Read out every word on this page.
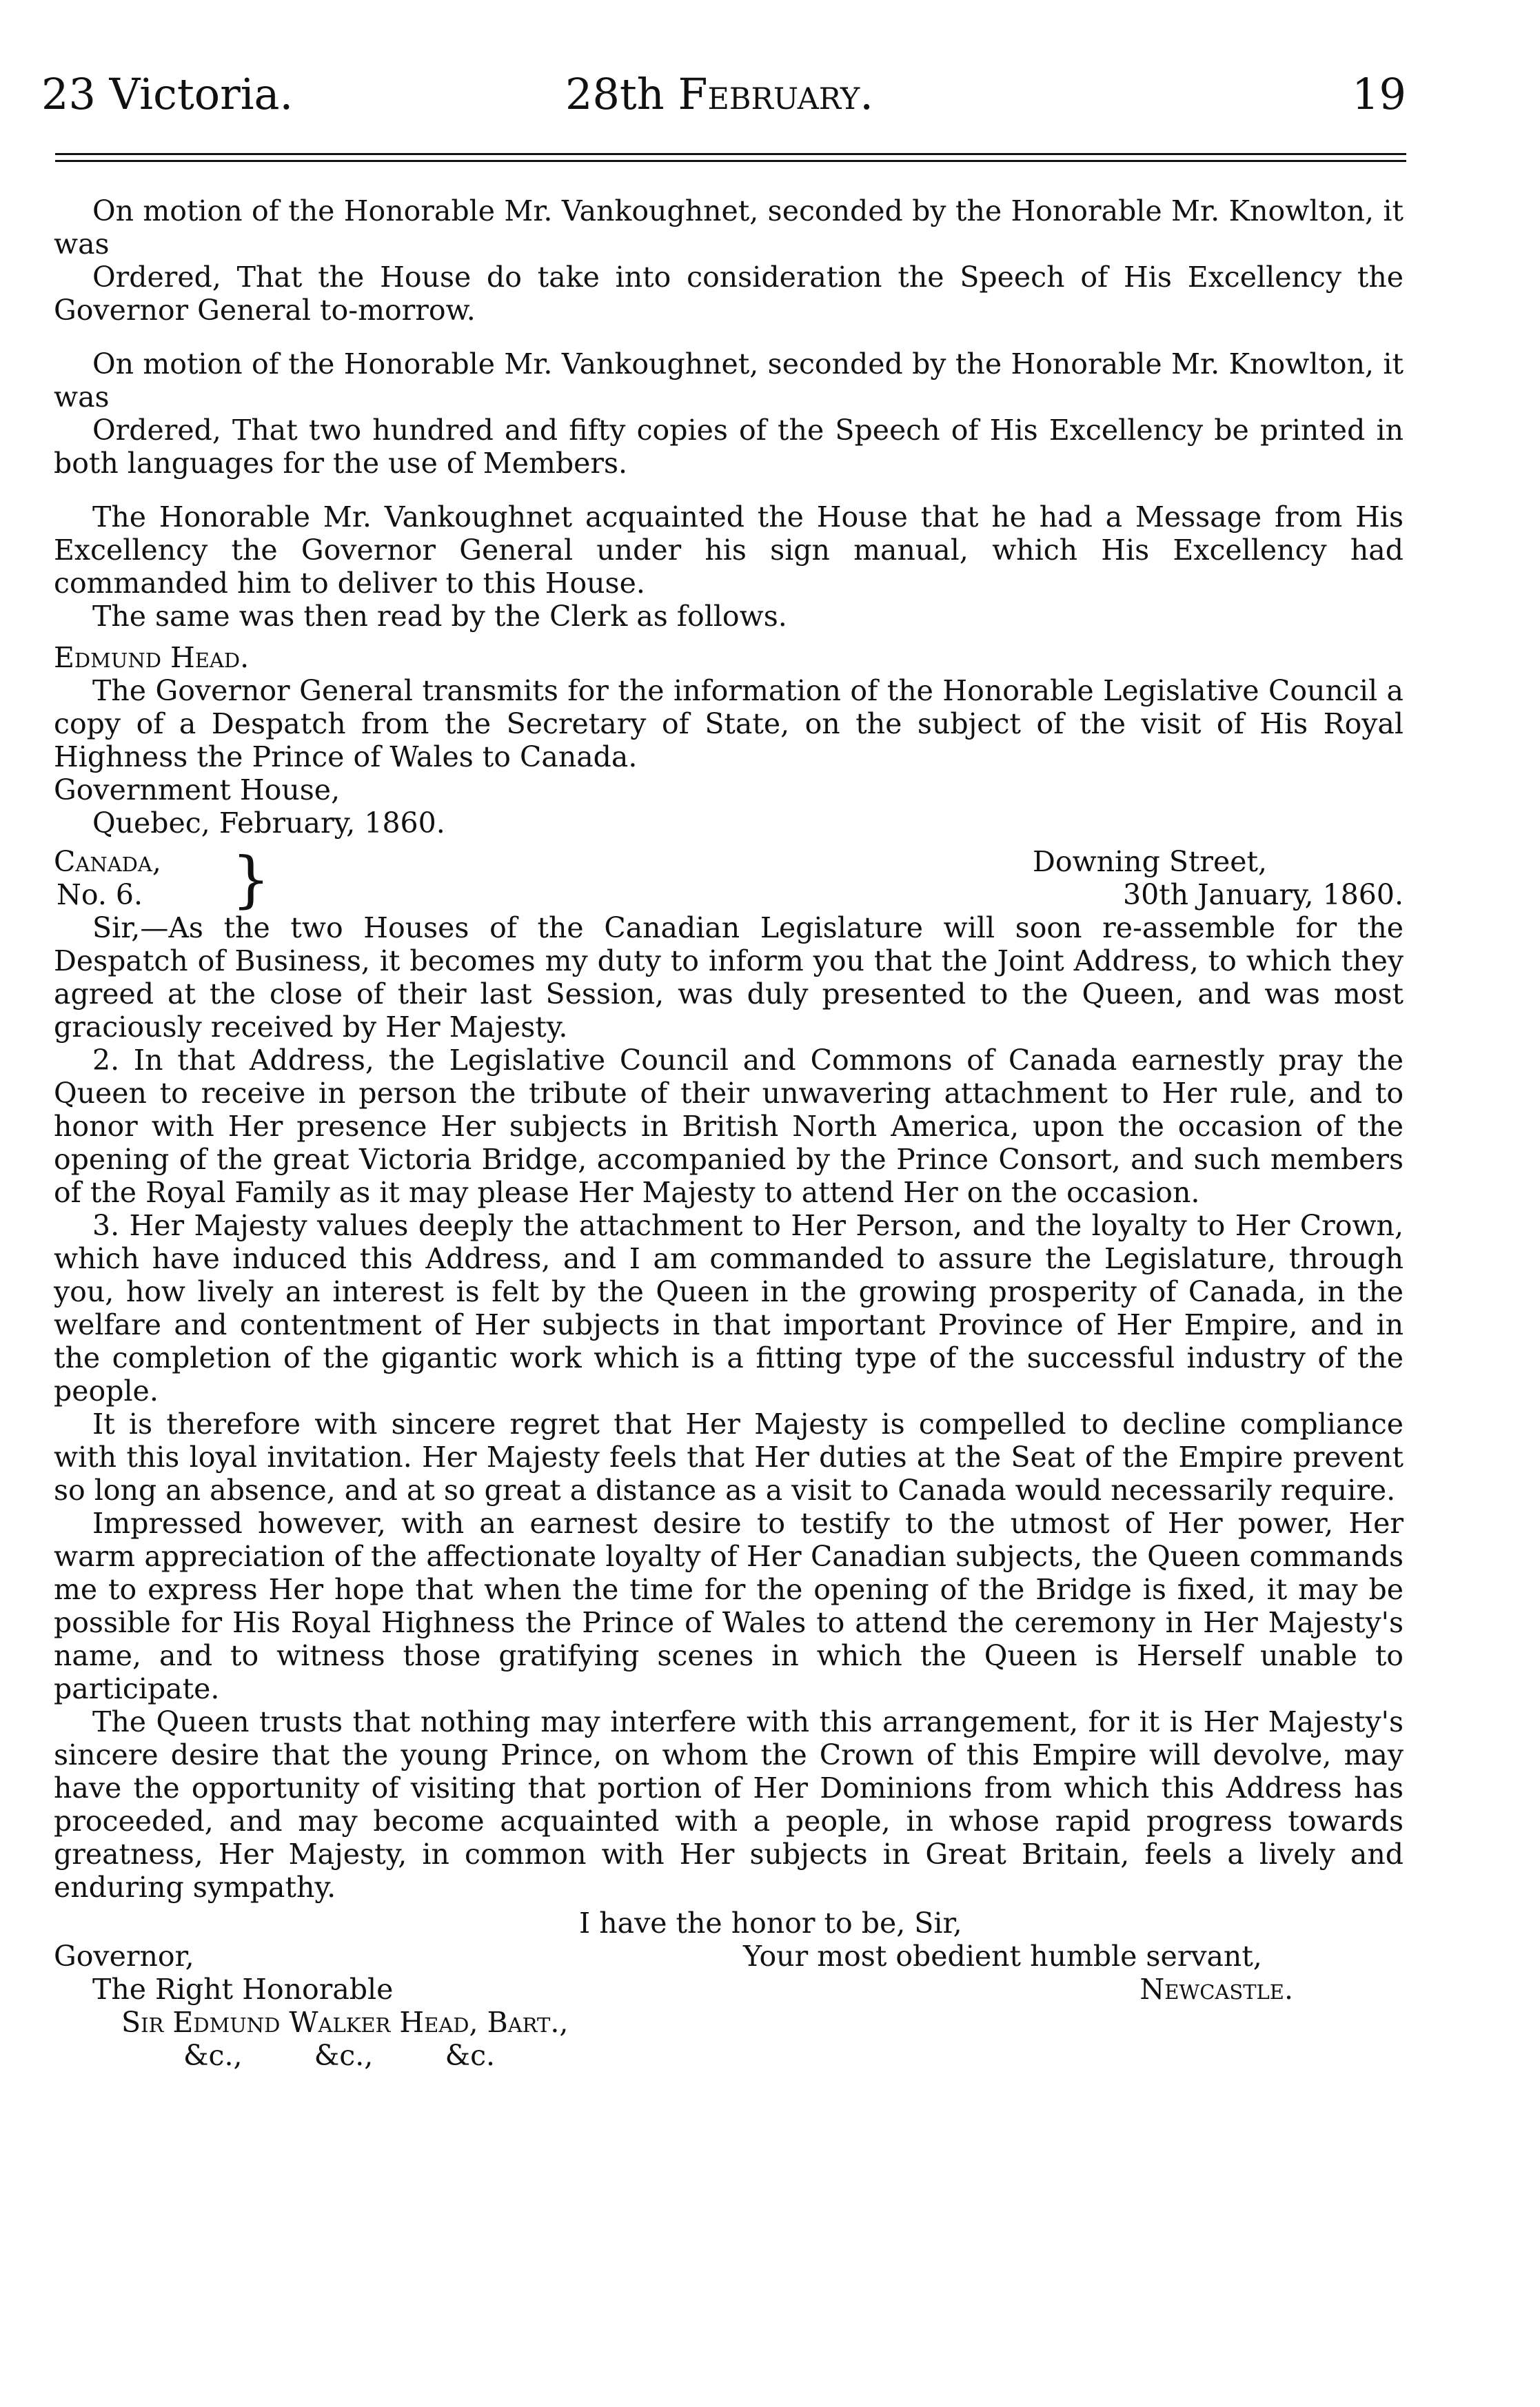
23 Victoria.	28th February.	19

On motion of the Honorable Mr. Vankoughnet, seconded by the Honorable Mr. Knowlton, it was

Ordered, That the House do take into consideration the Speech of His Excellency the Governor General to-morrow.

On motion of the Honorable Mr. Vankoughnet, seconded by the Honorable Mr. Knowlton, it was

Ordered, That two hundred and fifty copies of the Speech of His Excellency be printed in both languages for the use of Members.

The Honorable Mr. Vankoughnet acquainted the House that he had a Message from His Excellency the Governor General under his sign manual, which His Excellency had commanded him to deliver to this House.

The same was then read by the Clerk as follows.

Edmund Head.

The Governor General transmits for the information of the Honorable Legislative Council a copy of a Despatch from the Secretary of State, on the subject of the visit of His Royal Highness the Prince of Wales to Canada.

Government House,

Quebec, February, 1860.

Canada,
No. 6. }	Downing Street,
30th January, 1860.

Sir,—As the two Houses of the Canadian Legislature will soon re-assemble for the Despatch of Business, it becomes my duty to inform you that the Joint Address, to which they agreed at the close of their last Session, was duly presented to the Queen, and was most graciously received by Her Majesty.

2. In that Address, the Legislative Council and Commons of Canada earnestly pray the Queen to receive in person the tribute of their unwavering attachment to Her rule, and to honor with Her presence Her subjects in British North America, upon the occasion of the opening of the great Victoria Bridge, accompanied by the Prince Consort, and such members of the Royal Family as it may please Her Majesty to attend Her on the occasion.

3. Her Majesty values deeply the attachment to Her Person, and the loyalty to Her Crown, which have induced this Address, and I am commanded to assure the Legislature, through you, how lively an interest is felt by the Queen in the growing prosperity of Canada, in the welfare and contentment of Her subjects in that important Province of Her Empire, and in the completion of the gigantic work which is a fitting type of the successful industry of the people.

It is therefore with sincere regret that Her Majesty is compelled to decline compliance with this loyal invitation. Her Majesty feels that Her duties at the Seat of the Empire prevent so long an absence, and at so great a distance as a visit to Canada would necessarily require.

Impressed however, with an earnest desire to testify to the utmost of Her power, Her warm appreciation of the affectionate loyalty of Her Canadian subjects, the Queen commands me to express Her hope that when the time for the opening of the Bridge is fixed, it may be possible for His Royal Highness the Prince of Wales to attend the ceremony in Her Majesty's name, and to witness those gratifying scenes in which the Queen is Herself unable to participate.

The Queen trusts that nothing may interfere with this arrangement, for it is Her Majesty's sincere desire that the young Prince, on whom the Crown of this Empire will devolve, may have the opportunity of visiting that portion of Her Dominions from which this Address has proceeded, and may become acquainted with a people, in whose rapid progress towards greatness, Her Majesty, in common with Her subjects in Great Britain, feels a lively and enduring sympathy.

I have the honor to be, Sir,
Governor,	Your most obedient humble servant,
The Right Honorable	Newcastle.
Sir Edmund Walker Head, Bart.,
&c.,        &c.,        &c.
